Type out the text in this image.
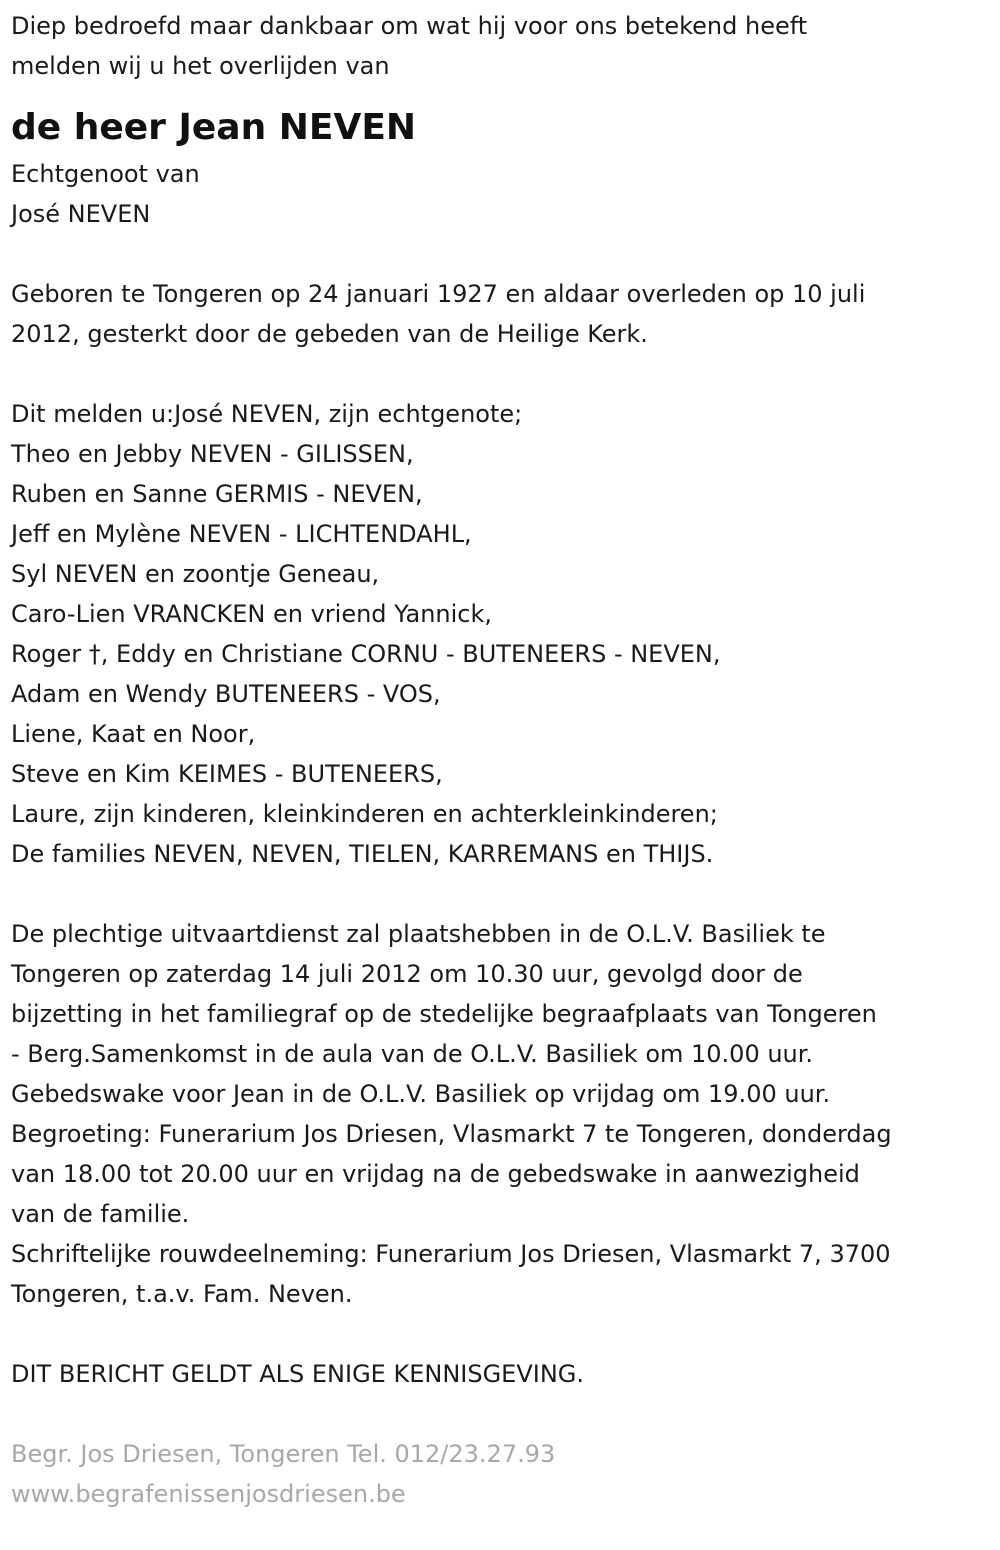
Diep bedroefd maar dankbaar om wat hij voor ons betekend heeft
melden wij u het overlijden van
de heer Jean NEVEN
Echtgenoot van
José NEVEN
Geboren te Tongeren op 24 januari 1927 en aldaar overleden op 10 juli
2012, gesterkt door de gebeden van de Heilige Kerk.
Dit melden u:José NEVEN, zijn echtgenote;
Theo en Jebby NEVEN - GILISSEN,
Ruben en Sanne GERMIS - NEVEN,
Jeff en Mylène NEVEN - LICHTENDAHL,
Syl NEVEN en zoontje Geneau,
Caro-Lien VRANCKEN en vriend Yannick,
Roger †, Eddy en Christiane CORNU - BUTENEERS - NEVEN,
Adam en Wendy BUTENEERS - VOS,
Liene, Kaat en Noor,
Steve en Kim KEIMES - BUTENEERS,
Laure, zijn kinderen, kleinkinderen en achterkleinkinderen;
De families NEVEN, NEVEN, TIELEN, KARREMANS en THIJS.
De plechtige uitvaartdienst zal plaatshebben in de O.L.V. Basiliek te
Tongeren op zaterdag 14 juli 2012 om 10.30 uur, gevolgd door de
bijzetting in het familiegraf op de stedelijke begraafplaats van Tongeren
- Berg.Samenkomst in de aula van de O.L.V. Basiliek om 10.00 uur.
Gebedswake voor Jean in de O.L.V. Basiliek op vrijdag om 19.00 uur.
Begroeting: Funerarium Jos Driesen, Vlasmarkt 7 te Tongeren, donderdag
van 18.00 tot 20.00 uur en vrijdag na de gebedswake in aanwezigheid
van de familie.
Schriftelijke rouwdeelneming: Funerarium Jos Driesen, Vlasmarkt 7, 3700
Tongeren, t.a.v. Fam. Neven.
DIT BERICHT GELDT ALS ENIGE KENNISGEVING.
Begr. Jos Driesen, Tongeren Tel. 012/23.27.93
www.begrafenissenjosdriesen.be
